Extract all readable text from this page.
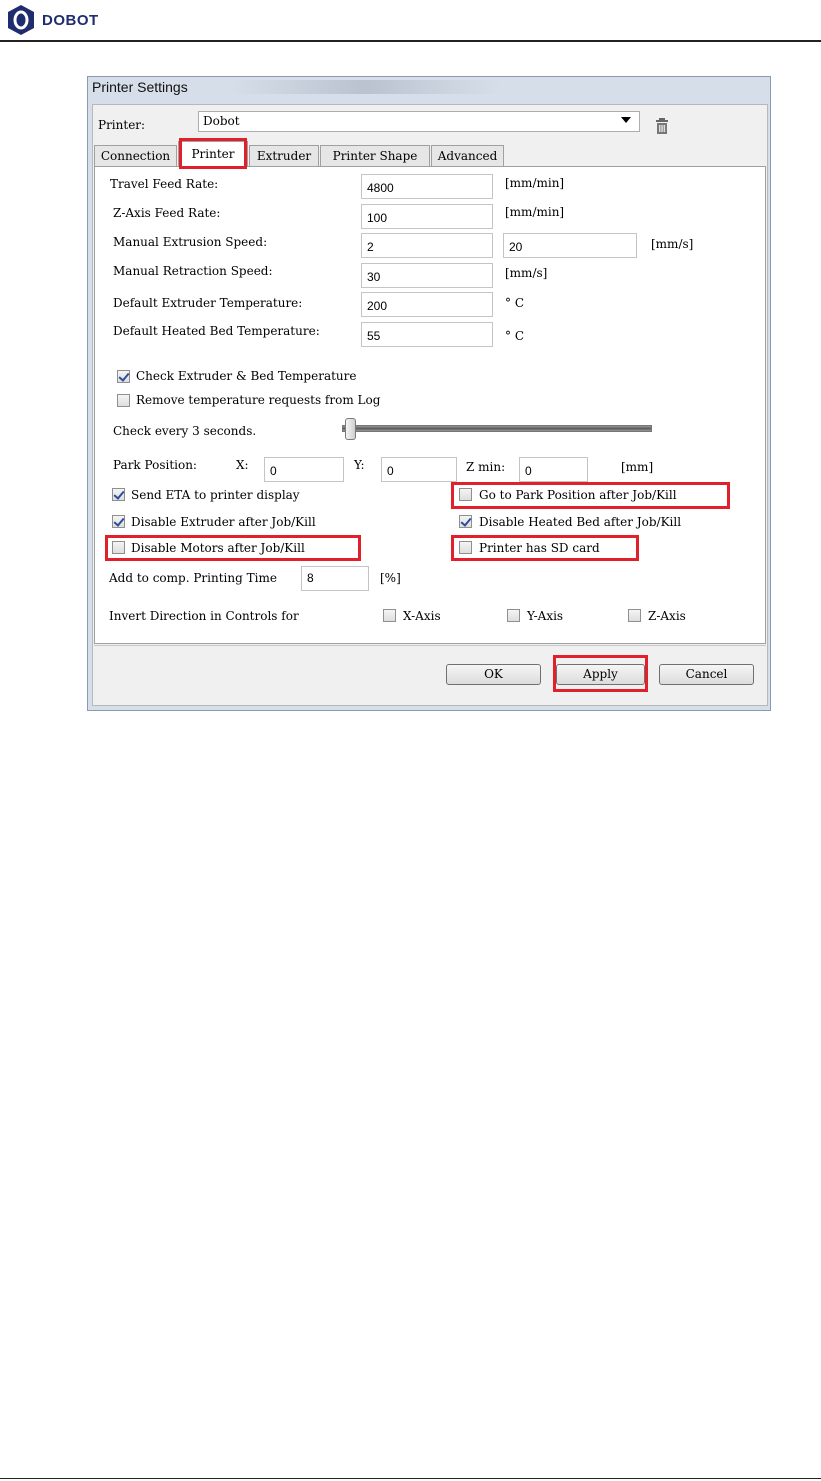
DOBOT
Printer Settings
Printer:	Dobot
Connection	Printer	Extruder	Printer Shape	Advanced
Travel Feed Rate:	4800	[mm/min]
Z-Axis Feed Rate:	100	[mm/min]
Manual Extrusion Speed:	2	20	[mm/s]
Manual Retraction Speed:	30	[mm/s]
Default Extruder Temperature:	200	° C
Default Heated Bed Temperature:	55	° C
Check Extruder & Bed Temperature
Remove temperature requests from Log
Check every 3 seconds.
Park Position:	X:	0	Y:	0	Z min:	0	[mm]
Send ETA to printer display	Go to Park Position after Job/Kill
Disable Extruder after Job/Kill	Disable Heated Bed after Job/Kill
Disable Motors after Job/Kill	Printer has SD card
Add to comp. Printing Time	8	[%]
Invert Direction in Controls for	X-Axis	Y-Axis	Z-Axis
OK	Apply	Cancel
